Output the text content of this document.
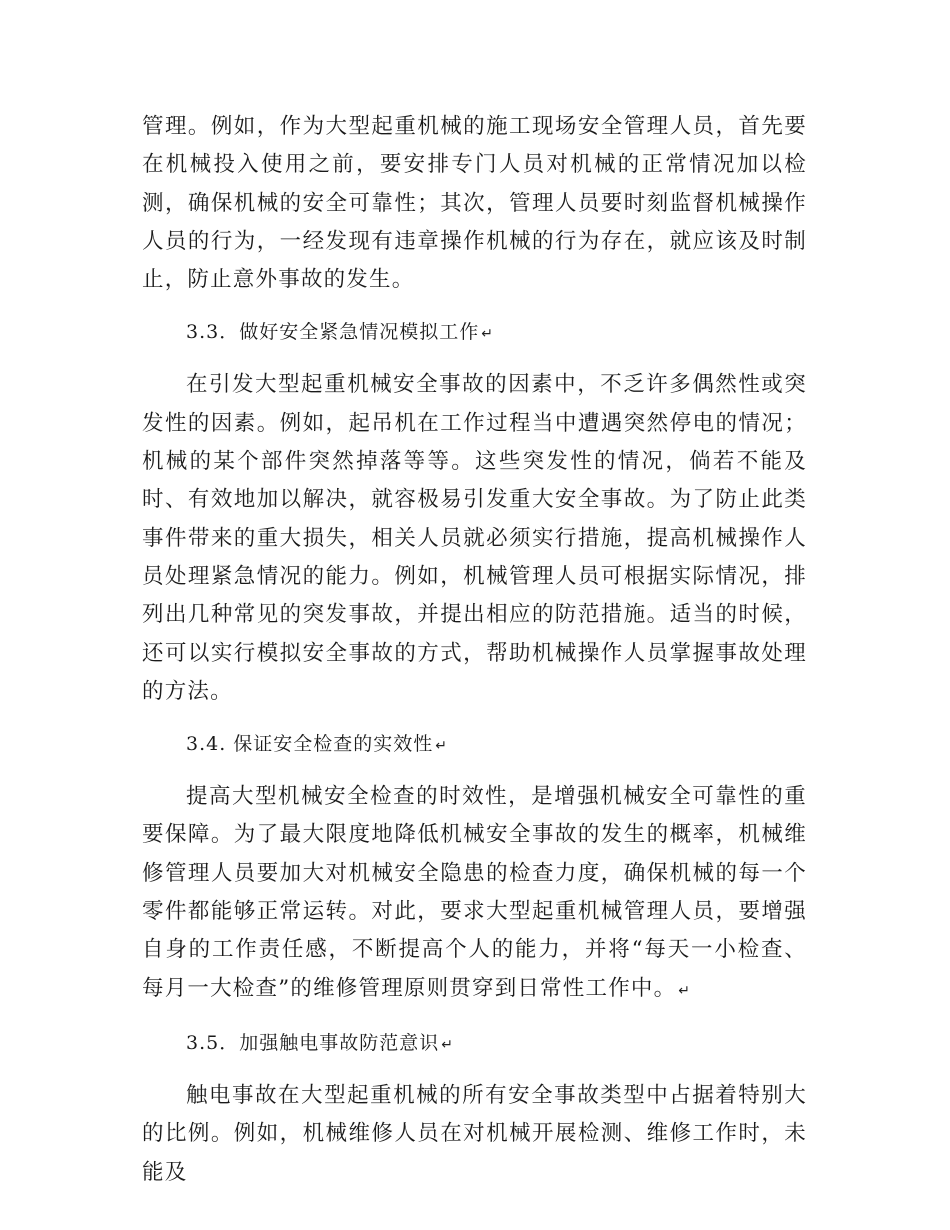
管理。例如，作为大型起重机械的施工现场安全管理人员，首先要在机械投入使用之前，要安排专门人员对机械的正常情况加以检测，确保机械的安全可靠性；其次，管理人员要时刻监督机械操作人员的行为，一经发现有违章操作机械的行为存在，就应该及时制止，防止意外事故的发生。

3.3．做好安全紧急情况模拟工作 ↵

在引发大型起重机械安全事故的因素中，不乏许多偶然性或突发性的因素。例如，起吊机在工作过程当中遭遇突然停电的情况；机械的某个部件突然掉落等等。这些突发性的情况，倘若不能及时、有效地加以解决，就容极易引发重大安全事故。为了防止此类事件带来的重大损失，相关人员就必须实行措施，提高机械操作人员处理紧急情况的能力。例如，机械管理人员可根据实际情况，排列出几种常见的突发事故，并提出相应的防范措施。适当的时候，还可以实行模拟安全事故的方式，帮助机械操作人员掌握事故处理的方法。

3.4. 保证安全检查的实效性 ↵

提高大型机械安全检查的时效性，是增强机械安全可靠性的重要保障。为了最大限度地降低机械安全事故的发生的概率，机械维修管理人员要加大对机械安全隐患的检查力度，确保机械的每一个零件都能够正常运转。对此，要求大型起重机械管理人员，要增强自身的工作责任感，不断提高个人的能力，并将“每天一小检查、每月一大检查”的维修管理原则贯穿到日常性工作中。 ↵

3.5．加强触电事故防范意识 ↵

触电事故在大型起重机械的所有安全事故类型中占据着特别大的比例。例如，机械维修人员在对机械开展检测、维修工作时，未能及
